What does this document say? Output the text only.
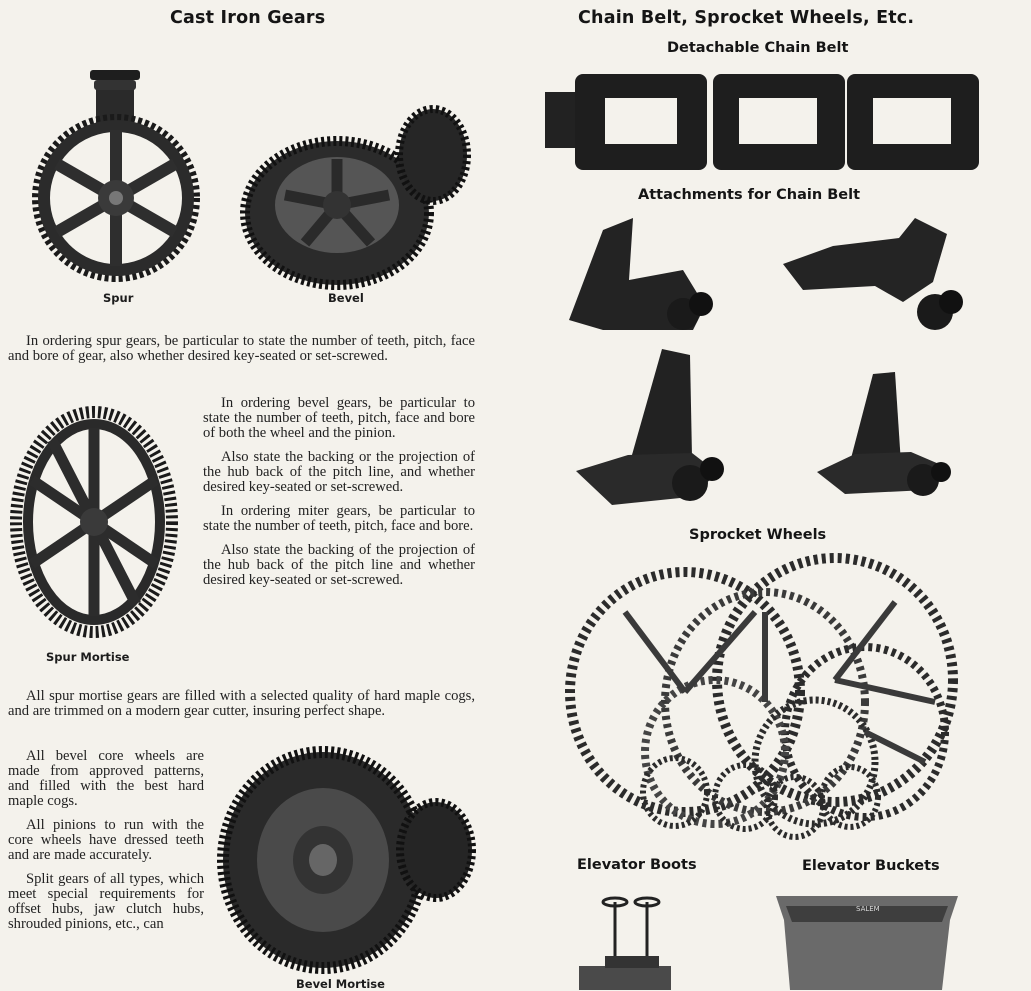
Cast Iron Gears
Spur	Bevel

In ordering spur gears, be particular to state the number of teeth, pitch, face and bore of gear, also whether desired key-seated or set-screwed.

Spur Mortise

In ordering bevel gears, be particular to state the number of teeth, pitch, face and bore of both the wheel and the pinion.

Also state the backing or the projection of the hub back of the pitch line, and whether desired key-seated or set-screwed.

In ordering miter gears, be particular to state the number of teeth, pitch, face and bore.

Also state the backing of the projection of the hub back of the pitch line and whether desired key-seated or set-screwed.

All spur mortise gears are filled with a selected quality of hard maple cogs, and are trimmed on a modern gear cutter, insuring perfect shape.

All bevel core wheels are made from approved patterns, and filled with the best hard maple cogs.

All pinions to run with the core wheels have dressed teeth and are made accurately.

Split gears of all types, which meet special requirements for offset hubs, jaw clutch hubs, shrouded pinions, etc., can

Bevel Mortise
Chain Belt, Sprocket Wheels, Etc.
Detachable Chain Belt
Attachments for Chain Belt
Sprocket Wheels
Elevator Boots	Elevator Buckets
SALEM
